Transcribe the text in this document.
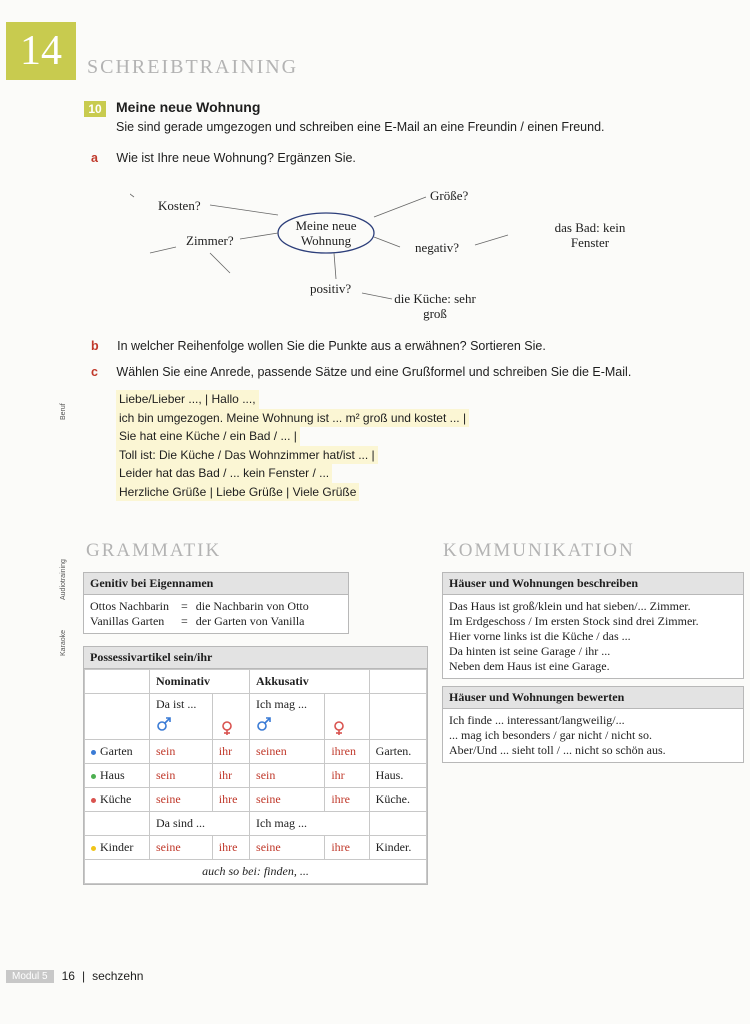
14	SCHREIBTRAINING
10	Meine neue Wohnung
Sie sind gerade umgezogen und schreiben eine E-Mail an eine Freundin / einen Freund.
a Wie ist Ihre neue Wohnung? Ergänzen Sie.
Kosten?
Größe?
Zimmer?
Meine neue Wohnung	negativ?
das Bad: kein Fenster
positiv?
die Küche: sehr groß
b In welcher Reihenfolge wollen Sie die Punkte aus a erwähnen? Sortieren Sie.
c Wählen Sie eine Anrede, passende Sätze und eine Grußformel und schreiben Sie die E-Mail.
Beruf
Liebe/Lieber ..., | Hallo ...,
ich bin umgezogen. Meine Wohnung ist ... m² groß und kostet ... |
Sie hat eine Küche / ein Bad / ... |
Toll ist: Die Küche / Das Wohnzimmer hat/ist ... |
Leider hat das Bad / ... kein Fenster / ...
Herzliche Grüße | Liebe Grüße | Viele Grüße
Audiotraining
Karaoke
GRAMMATIK
Genitiv bei Eigennamen
Ottos Nachbarin	=	die Nachbarin von Otto
Vanillas Garten	=	der Garten von Vanilla
Possessivartikel sein/ihr
	Nominativ		Akkusativ		

	Da ist ...		Ich mag ...

Garten	sein	ihr	seinen	ihren	Garten.
Haus	sein	ihr	sein	ihr	Haus.
Küche	seine	ihre	seine	ihre	Küche.
	Da sind ...		Ich mag ...		
Kinder	seine	ihre	seine	ihre	Kinder.
auch so bei: finden, ...					
KOMMUNIKATION
Häuser und Wohnungen beschreiben
Das Haus ist groß/klein und hat sieben/... Zimmer.
Im Erdgeschoss / Im ersten Stock sind drei Zimmer.
Hier vorne links ist die Küche / das ...
Da hinten ist seine Garage / ihr ...
Neben dem Haus ist eine Garage.
Häuser und Wohnungen bewerten
Ich finde ... interessant/langweilig/...
... mag ich besonders / gar nicht / nicht so.
Aber/Und ... sieht toll / ... nicht so schön aus.
Modul 5	16 | sechzehn
